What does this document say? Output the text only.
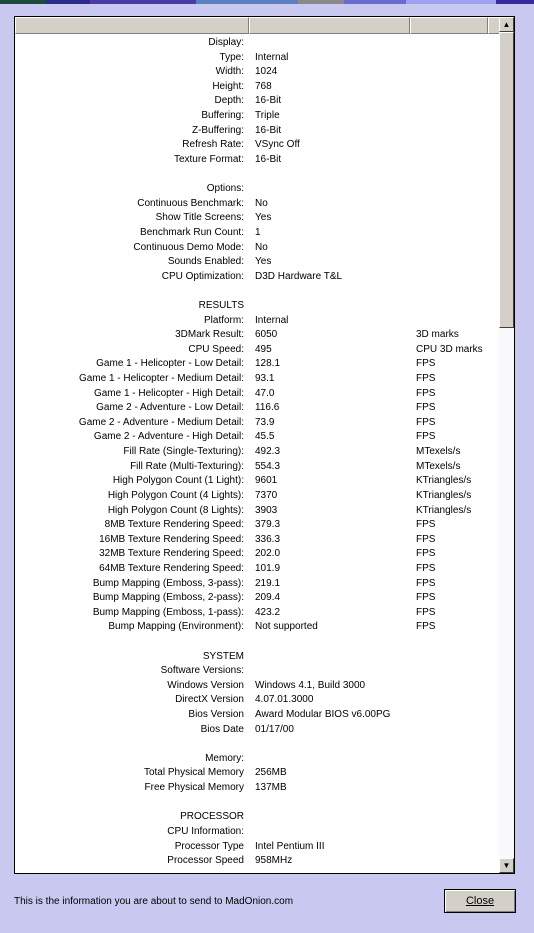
Display:
Type: Internal
Width: 1024
Height: 768
Depth: 16-Bit
Buffering: Triple
Z-Buffering: 16-Bit
Refresh Rate: VSync Off
Texture Format: 16-Bit
Options:
Continuous Benchmark: No
Show Title Screens: Yes
Benchmark Run Count: 1
Continuous Demo Mode: No
Sounds Enabled: Yes
CPU Optimization: D3D Hardware T&L
RESULTS
Platform: Internal
3DMark Result: 6050	3D marks
CPU Speed: 495	CPU 3D marks
Game 1 - Helicopter - Low Detail: 128.1	FPS
Game 1 - Helicopter - Medium Detail: 93.1	FPS
Game 1 - Helicopter - High Detail: 47.0	FPS
Game 2 - Adventure - Low Detail: 116.6	FPS
Game 2 - Adventure - Medium Detail: 73.9	FPS
Game 2 - Adventure - High Detail: 45.5	FPS
Fill Rate (Single-Texturing): 492.3	MTexels/s
Fill Rate (Multi-Texturing): 554.3	MTexels/s
High Polygon Count (1 Light): 9601	KTriangles/s
High Polygon Count (4 Lights): 7370	KTriangles/s
High Polygon Count (8 Lights): 3903	KTriangles/s
8MB Texture Rendering Speed: 379.3	FPS
16MB Texture Rendering Speed: 336.3	FPS
32MB Texture Rendering Speed: 202.0	FPS
64MB Texture Rendering Speed: 101.9	FPS
Bump Mapping (Emboss, 3-pass): 219.1	FPS
Bump Mapping (Emboss, 2-pass): 209.4	FPS
Bump Mapping (Emboss, 1-pass): 423.2	FPS
Bump Mapping (Environment): Not supported	FPS
SYSTEM
Software Versions:
Windows Version Windows 4.1, Build 3000
DirectX Version 4.07.01.3000
Bios Version Award Modular BIOS v6.00PG
Bios Date 01/17/00
Memory:
Total Physical Memory 256MB
Free Physical Memory 137MB
PROCESSOR
CPU Information:
Processor Type Intel Pentium III
Processor Speed 958MHz
▲
▼
This is the information you are about to send to MadOnion.com	Close
